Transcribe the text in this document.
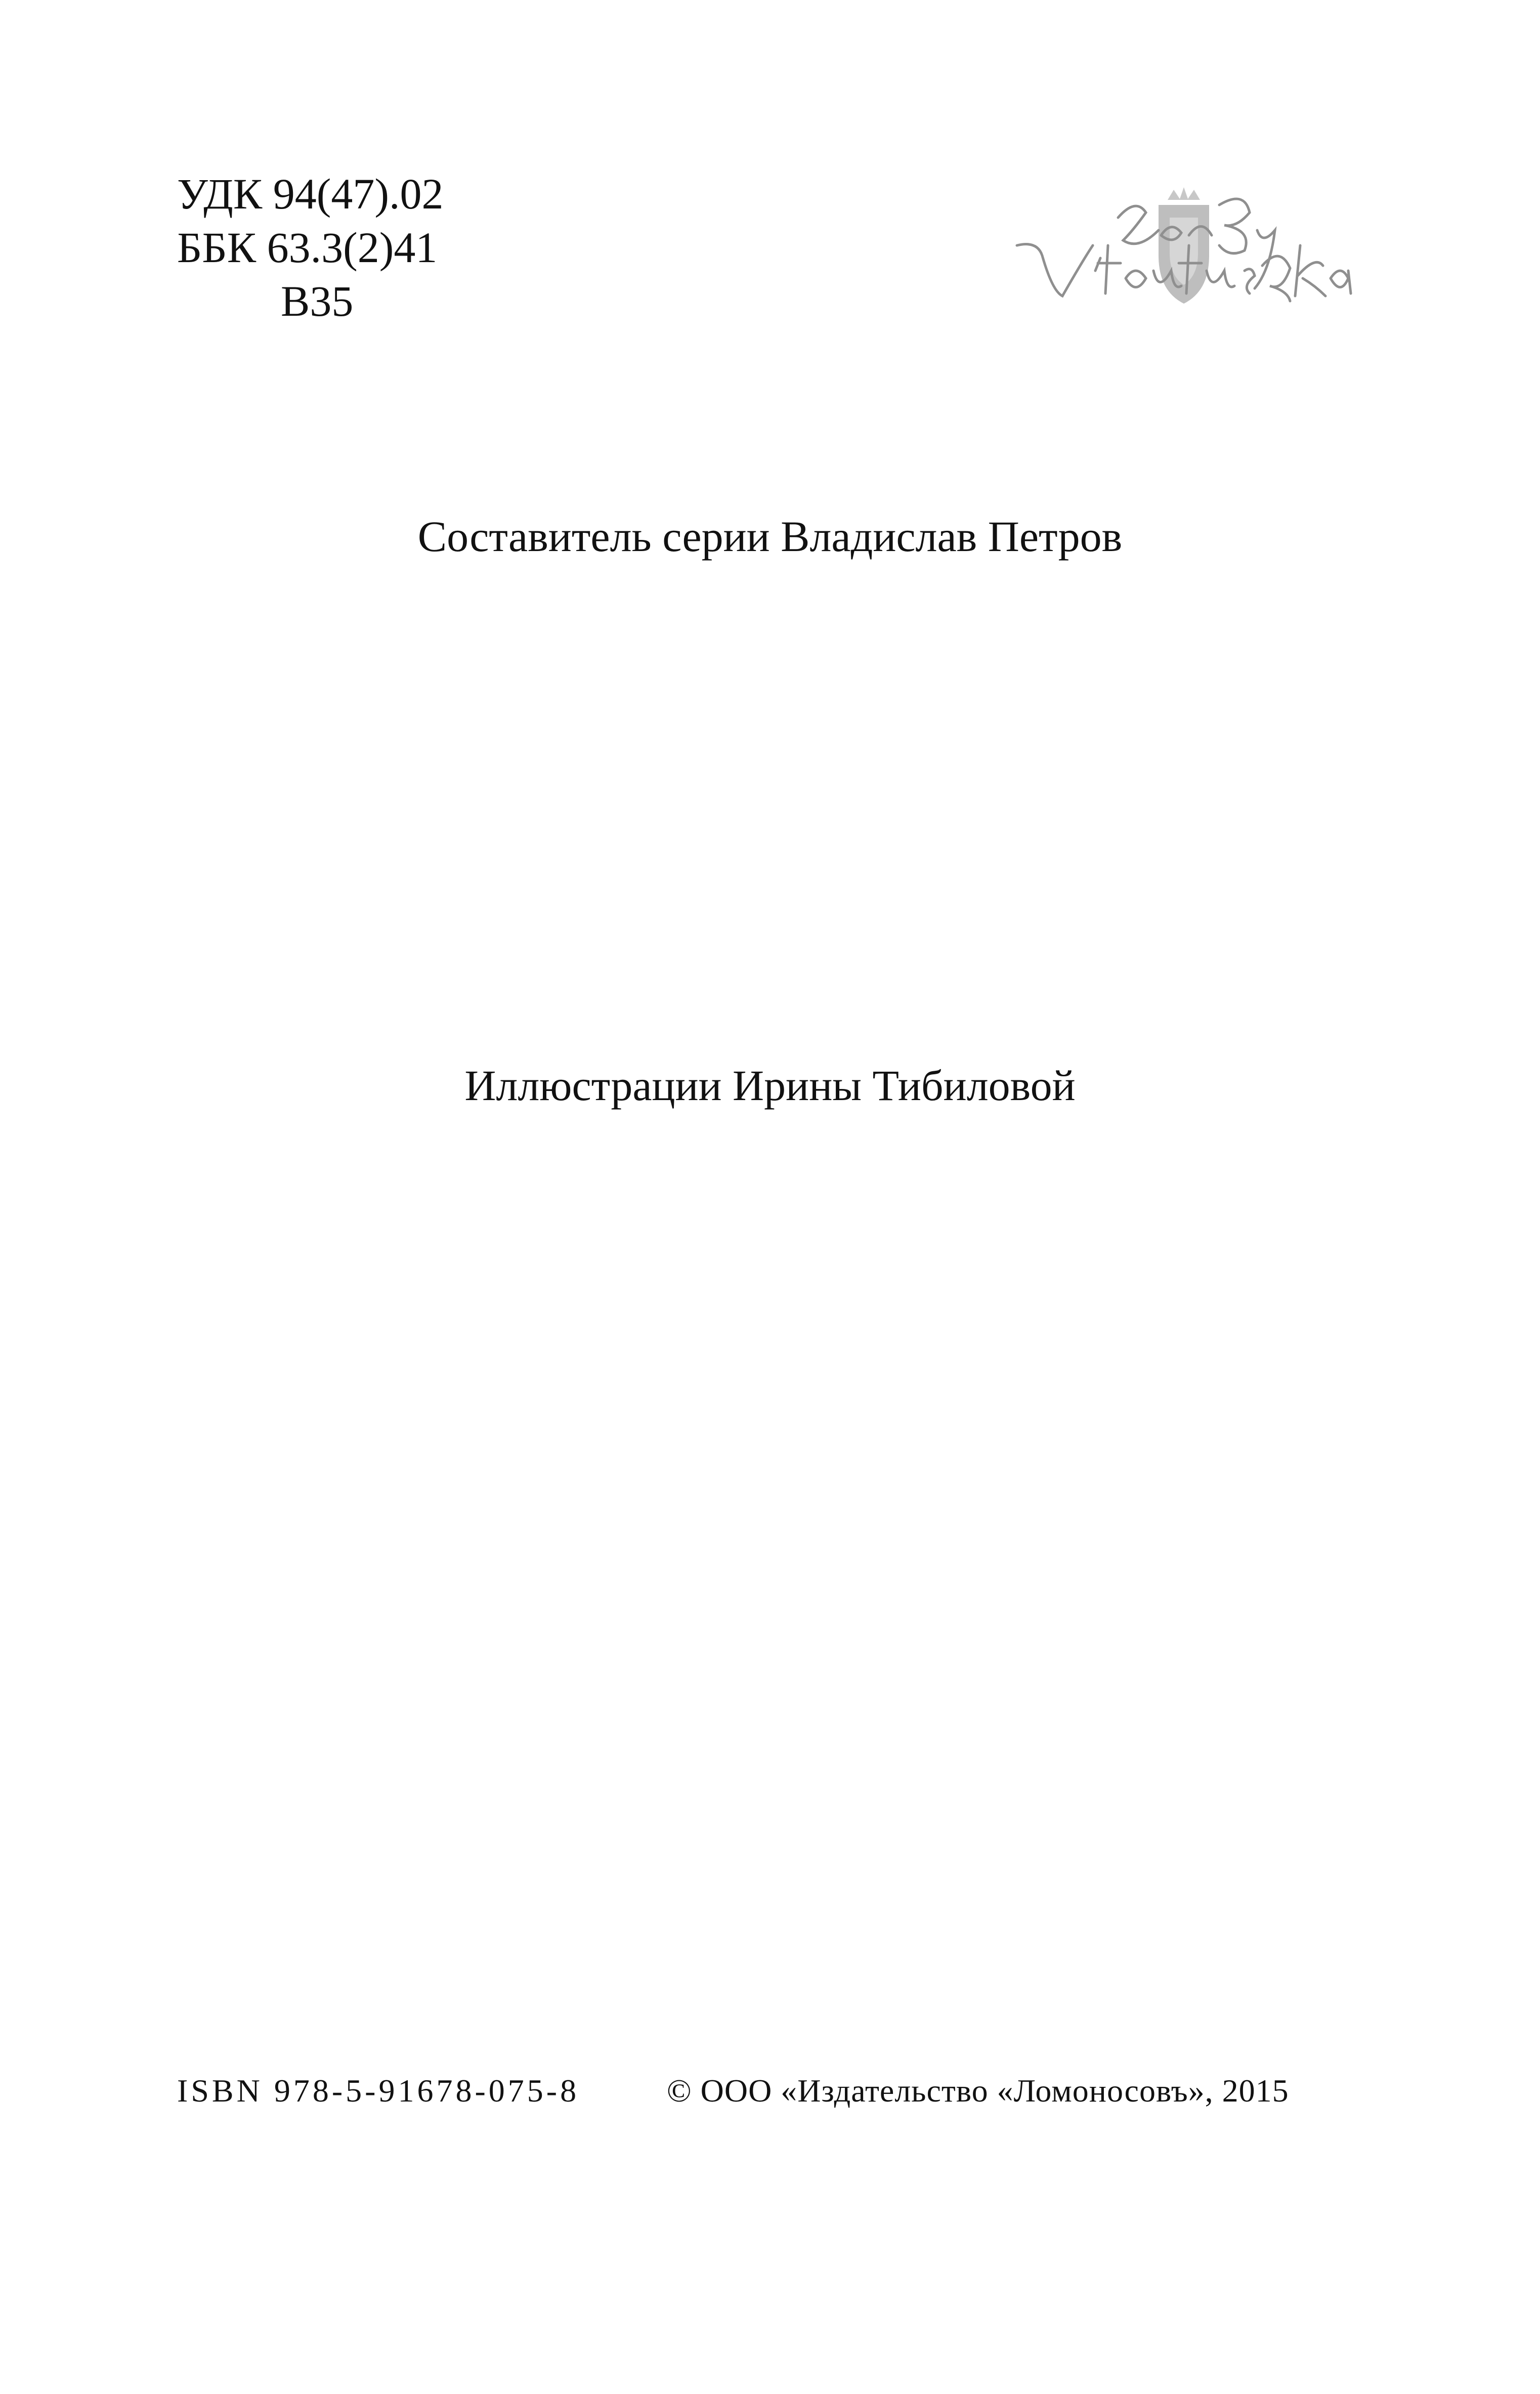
УДК 94(47).02
ББК 63.3(2)41
В35
Составитель серии Владислав Петров
Иллюстрации Ирины Тибиловой
ISBN 978-5-91678-075-8	© ООО «Издательство «Ломоносовъ», 2015
